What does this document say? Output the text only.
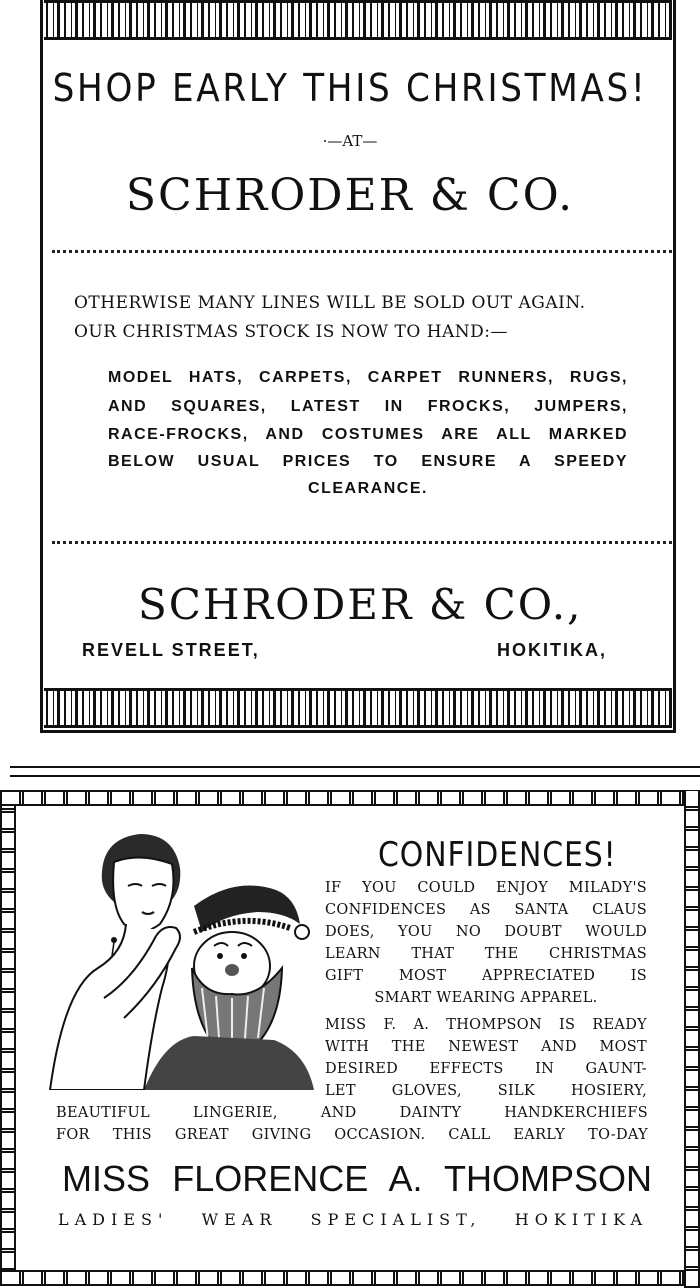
SHOP EARLY THIS CHRISTMAS!
·—AT—
SCHRODER & CO.
OTHERWISE MANY LINES WILL BE SOLD OUT AGAIN.
OUR CHRISTMAS STOCK IS NOW TO HAND:—
MODEL HATS, CARPETS, CARPET RUNNERS, RUGS,
AND SQUARES, LATEST IN FROCKS, JUMPERS,
RACE-FROCKS, AND COSTUMES ARE ALL MARKED
BELOW USUAL PRICES TO ENSURE A SPEEDY
CLEARANCE.
SCHRODER & CO.,
REVELL STREET,	HOKITIKA,
CONFIDENCES!
IF YOU COULD ENJOY MILADY'S
CONFIDENCES AS SANTA CLAUS
DOES, YOU NO DOUBT WOULD
LEARN THAT THE CHRISTMAS
GIFT MOST APPRECIATED IS
SMART WEARING APPAREL.
MISS F. A. THOMPSON IS READY
WITH THE NEWEST AND MOST
DESIRED EFFECTS IN GAUNT-
LET GLOVES, SILK HOSIERY,
BEAUTIFUL LINGERIE, AND DAINTY HANDKERCHIEFS
FOR THIS GREAT GIVING OCCASION. CALL EARLY TO-DAY
MISS FLORENCE A. THOMPSON
LADIES' WEAR SPECIALIST, HOKITIKA
